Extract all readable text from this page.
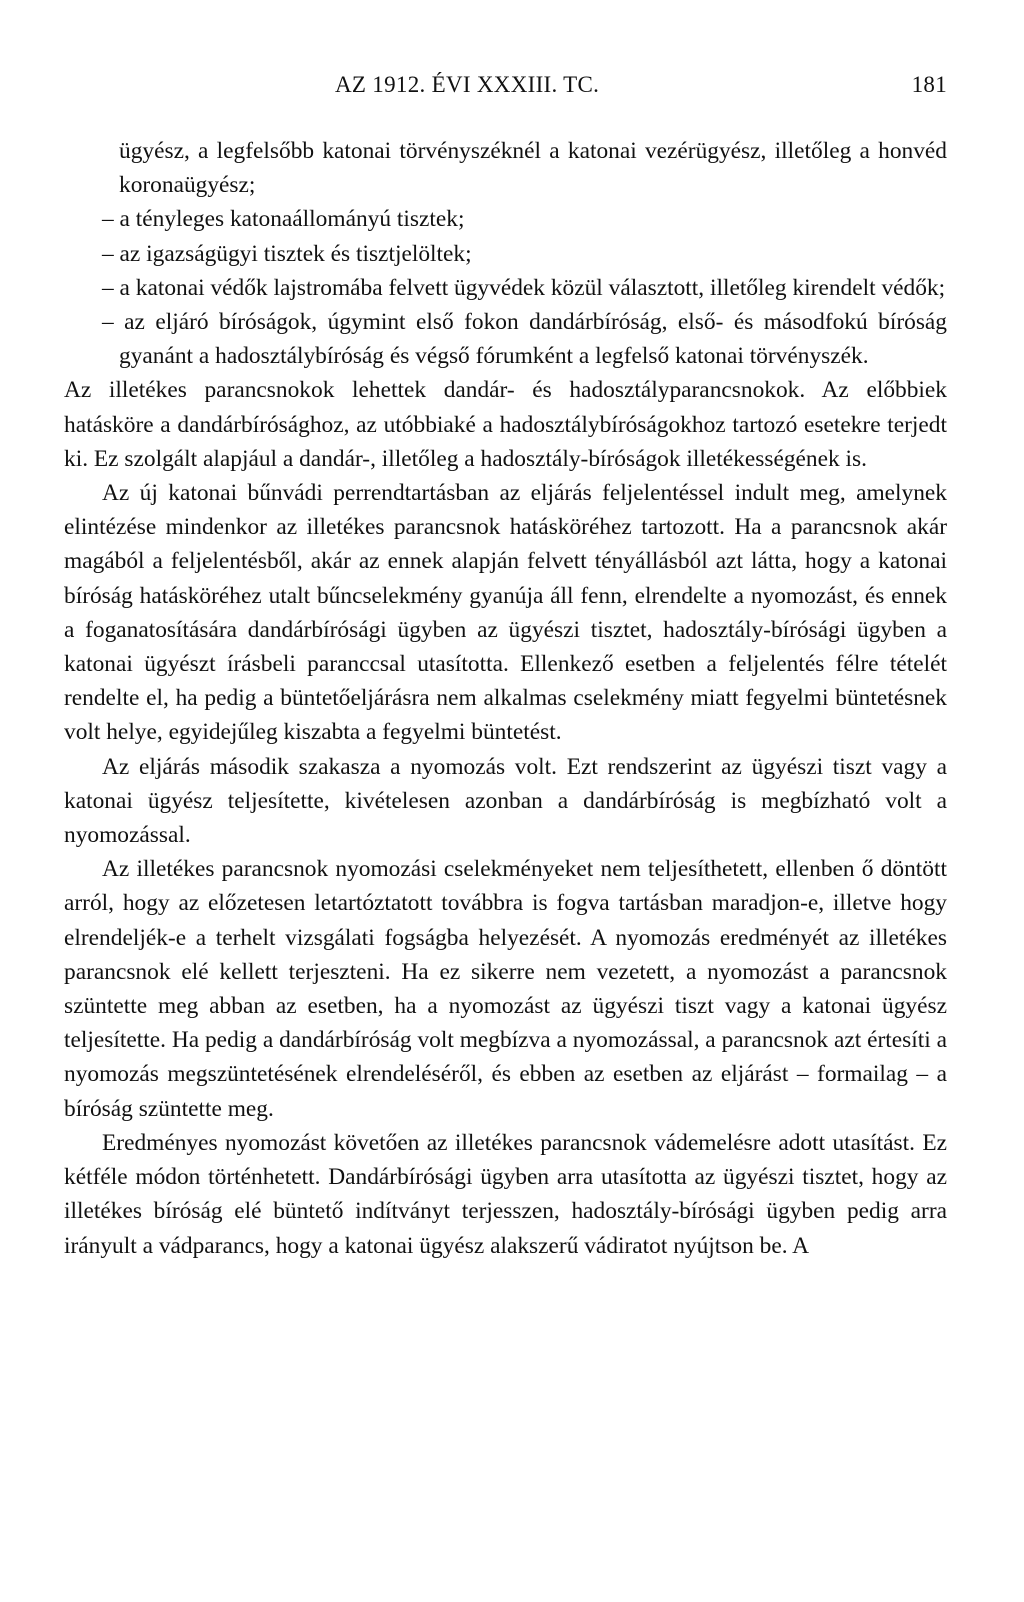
AZ 1912. ÉVI XXXIII. TC.	181

ügyész, a legfelsőbb katonai törvényszéknél a katonai vezérügyész, illetőleg a honvéd koronaügyész;

– a tényleges katonaállományú tisztek;

– az igazságügyi tisztek és tisztjelöltek;

– a katonai védők lajstromába felvett ügyvédek közül választott, illetőleg kirendelt védők;

– az eljáró bíróságok, úgymint első fokon dandárbíróság, első- és másodfokú bíróság gyanánt a hadosztálybíróság és végső fórumként a legfelső katonai törvényszék.

Az illetékes parancsnokok lehettek dandár- és hadosztályparancsnokok. Az előbbiek hatásköre a dandárbírósághoz, az utóbbiaké a hadosztálybíróságokhoz tartozó esetekre terjedt ki. Ez szolgált alapjául a dandár-, illetőleg a hadosztály-bíróságok illetékességének is.

Az új katonai bűnvádi perrendtartásban az eljárás feljelentéssel indult meg, amelynek elintézése mindenkor az illetékes parancsnok hatásköréhez tartozott. Ha a parancsnok akár magából a feljelentésből, akár az ennek alapján felvett tényállásból azt látta, hogy a katonai bíróság hatásköréhez utalt bűncselekmény gyanúja áll fenn, elrendelte a nyomozást, és ennek a foganatosítására dandárbírósági ügyben az ügyészi tisztet, hadosztály-bírósági ügyben a katonai ügyészt írásbeli paranccsal utasította. Ellenkező esetben a feljelentés félre tételét rendelte el, ha pedig a büntetőeljárásra nem alkalmas cselekmény miatt fegyelmi büntetésnek volt helye, egyidejűleg kiszabta a fegyelmi büntetést.

Az eljárás második szakasza a nyomozás volt. Ezt rendszerint az ügyészi tiszt vagy a katonai ügyész teljesítette, kivételesen azonban a dandárbíróság is megbízható volt a nyomozással.

Az illetékes parancsnok nyomozási cselekményeket nem teljesíthetett, ellenben ő döntött arról, hogy az előzetesen letartóztatott továbbra is fogva tartásban maradjon-e, illetve hogy elrendeljék-e a terhelt vizsgálati fogságba helyezését. A nyomozás eredményét az illetékes parancsnok elé kellett terjeszteni. Ha ez sikerre nem vezetett, a nyomozást a parancsnok szüntette meg abban az esetben, ha a nyomozást az ügyészi tiszt vagy a katonai ügyész teljesítette. Ha pedig a dandárbíróság volt megbízva a nyomozással, a parancsnok azt értesíti a nyomozás megszüntetésének elrendeléséről, és ebben az esetben az eljárást – formailag – a bíróság szüntette meg.

Eredményes nyomozást követően az illetékes parancsnok vádemelésre adott utasítást. Ez kétféle módon történhetett. Dandárbírósági ügyben arra utasította az ügyészi tisztet, hogy az illetékes bíróság elé büntető indítványt terjesszen, hadosztály-bírósági ügyben pedig arra irányult a vádparancs, hogy a katonai ügyész alakszerű vádiratot nyújtson be. A
